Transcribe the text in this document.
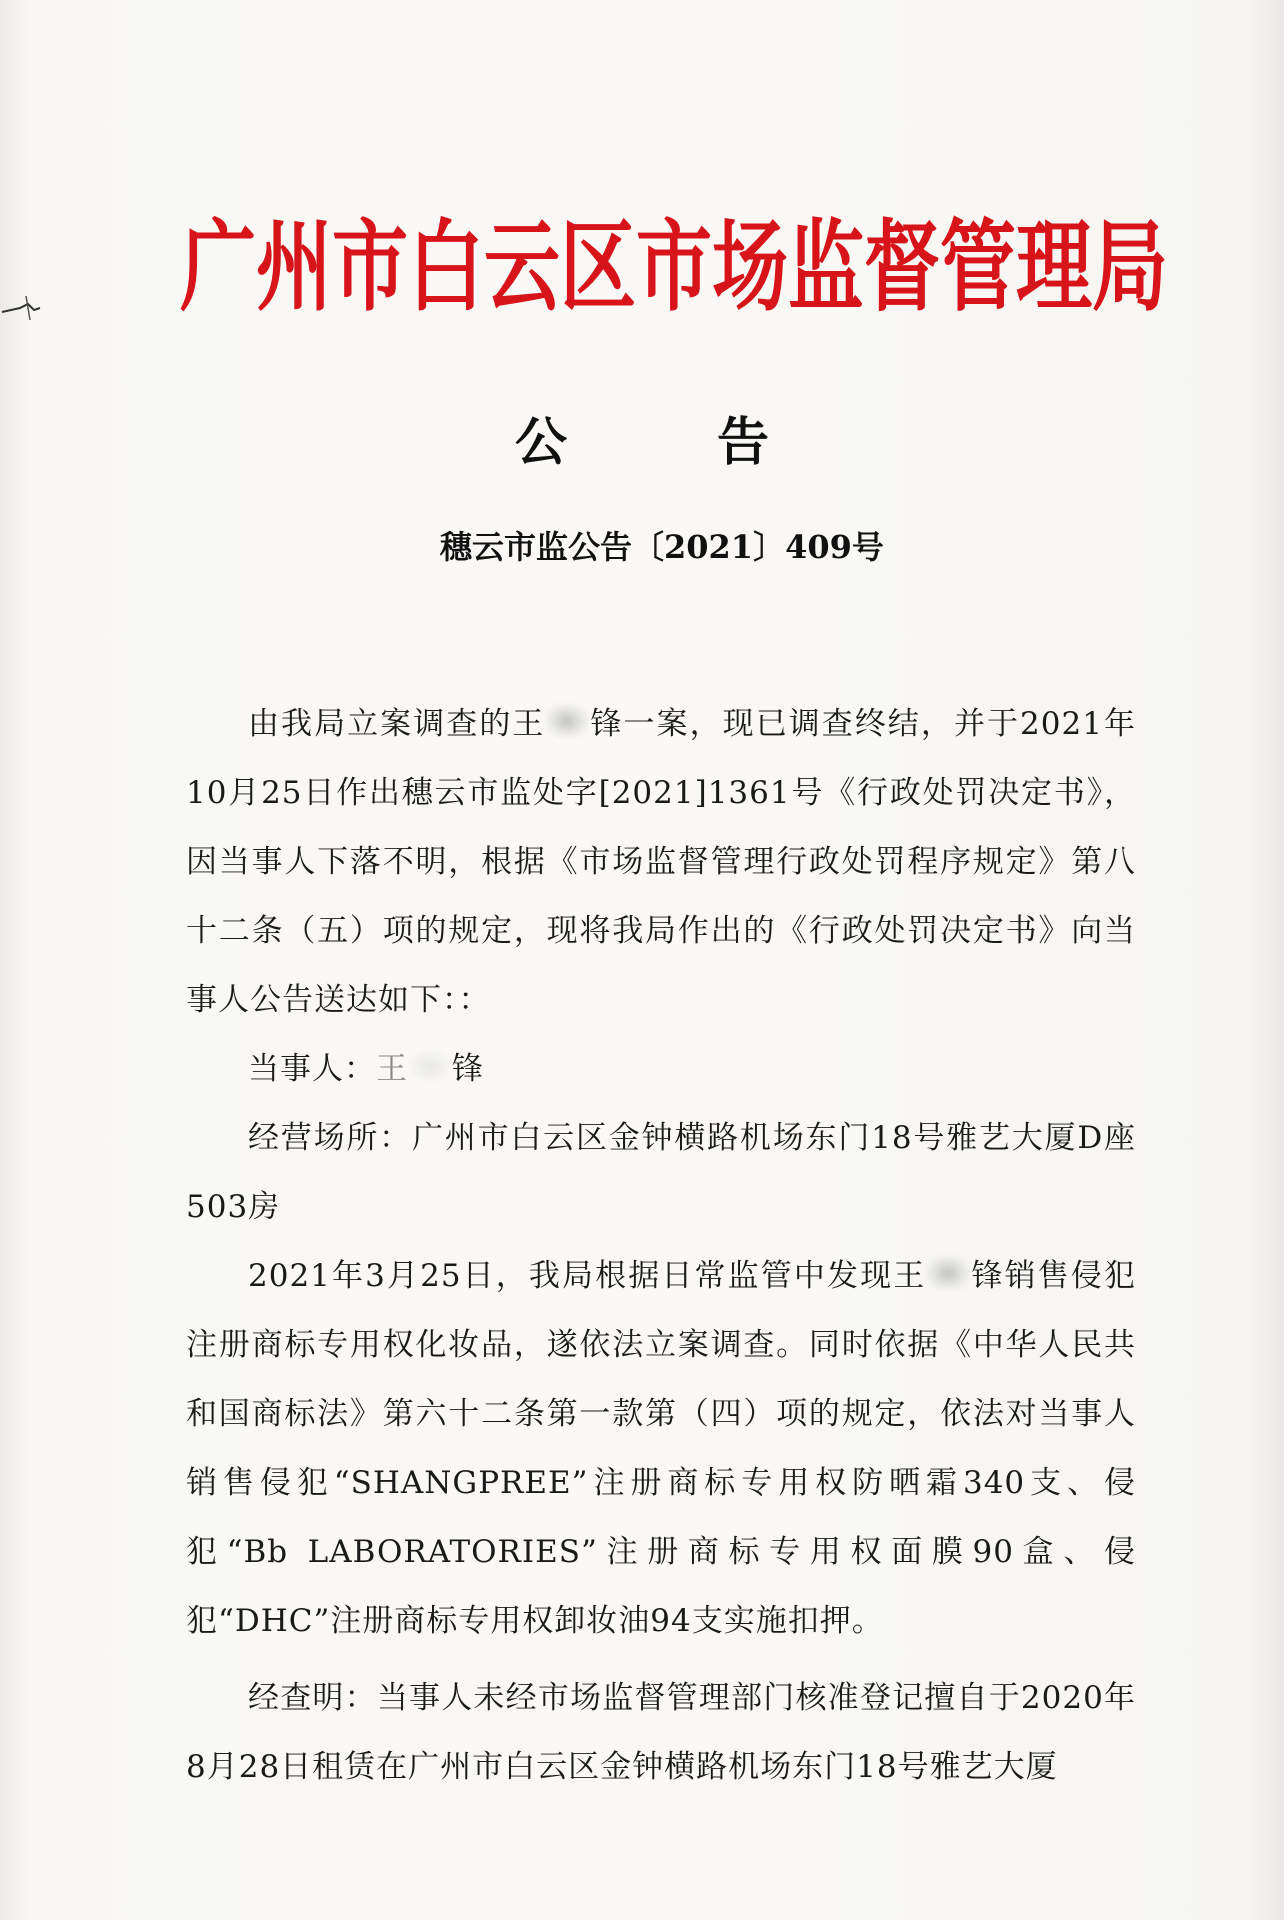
广州市白云区市场监督管理局
公	告
穗云市监公告〔2021〕409号

由我局立案调查的王 锋一案，现已调查终结，并于2021年10月25日作出穗云市监处字[2021]1361号《行政处罚决定书》，因当事人下落不明，根据《市场监督管理行政处罚程序规定》第八十二条（五）项的规定，现将我局作出的《行政处罚决定书》向当事人公告送达如下：：

当事人：王 锋

经营场所：广州市白云区金钟横路机场东门18号雅艺大厦D座503房

2021年3月25日，我局根据日常监管中发现王 锋销售侵犯注册商标专用权化妆品，遂依法立案调查。同时依据《中华人民共和国商标法》第六十二条第一款第（四）项的规定，依法对当事人销售侵犯“SHANGPREE”注册商标专用权防晒霜340支、侵犯“Bb LABORATORIES”注册商标专用权面膜90盒、侵犯“DHC”注册商标专用权卸妆油94支实施扣押。

经查明：当事人未经市场监督管理部门核准登记擅自于2020年8月28日租赁在广州市白云区金钟横路机场东门18号雅艺大厦
